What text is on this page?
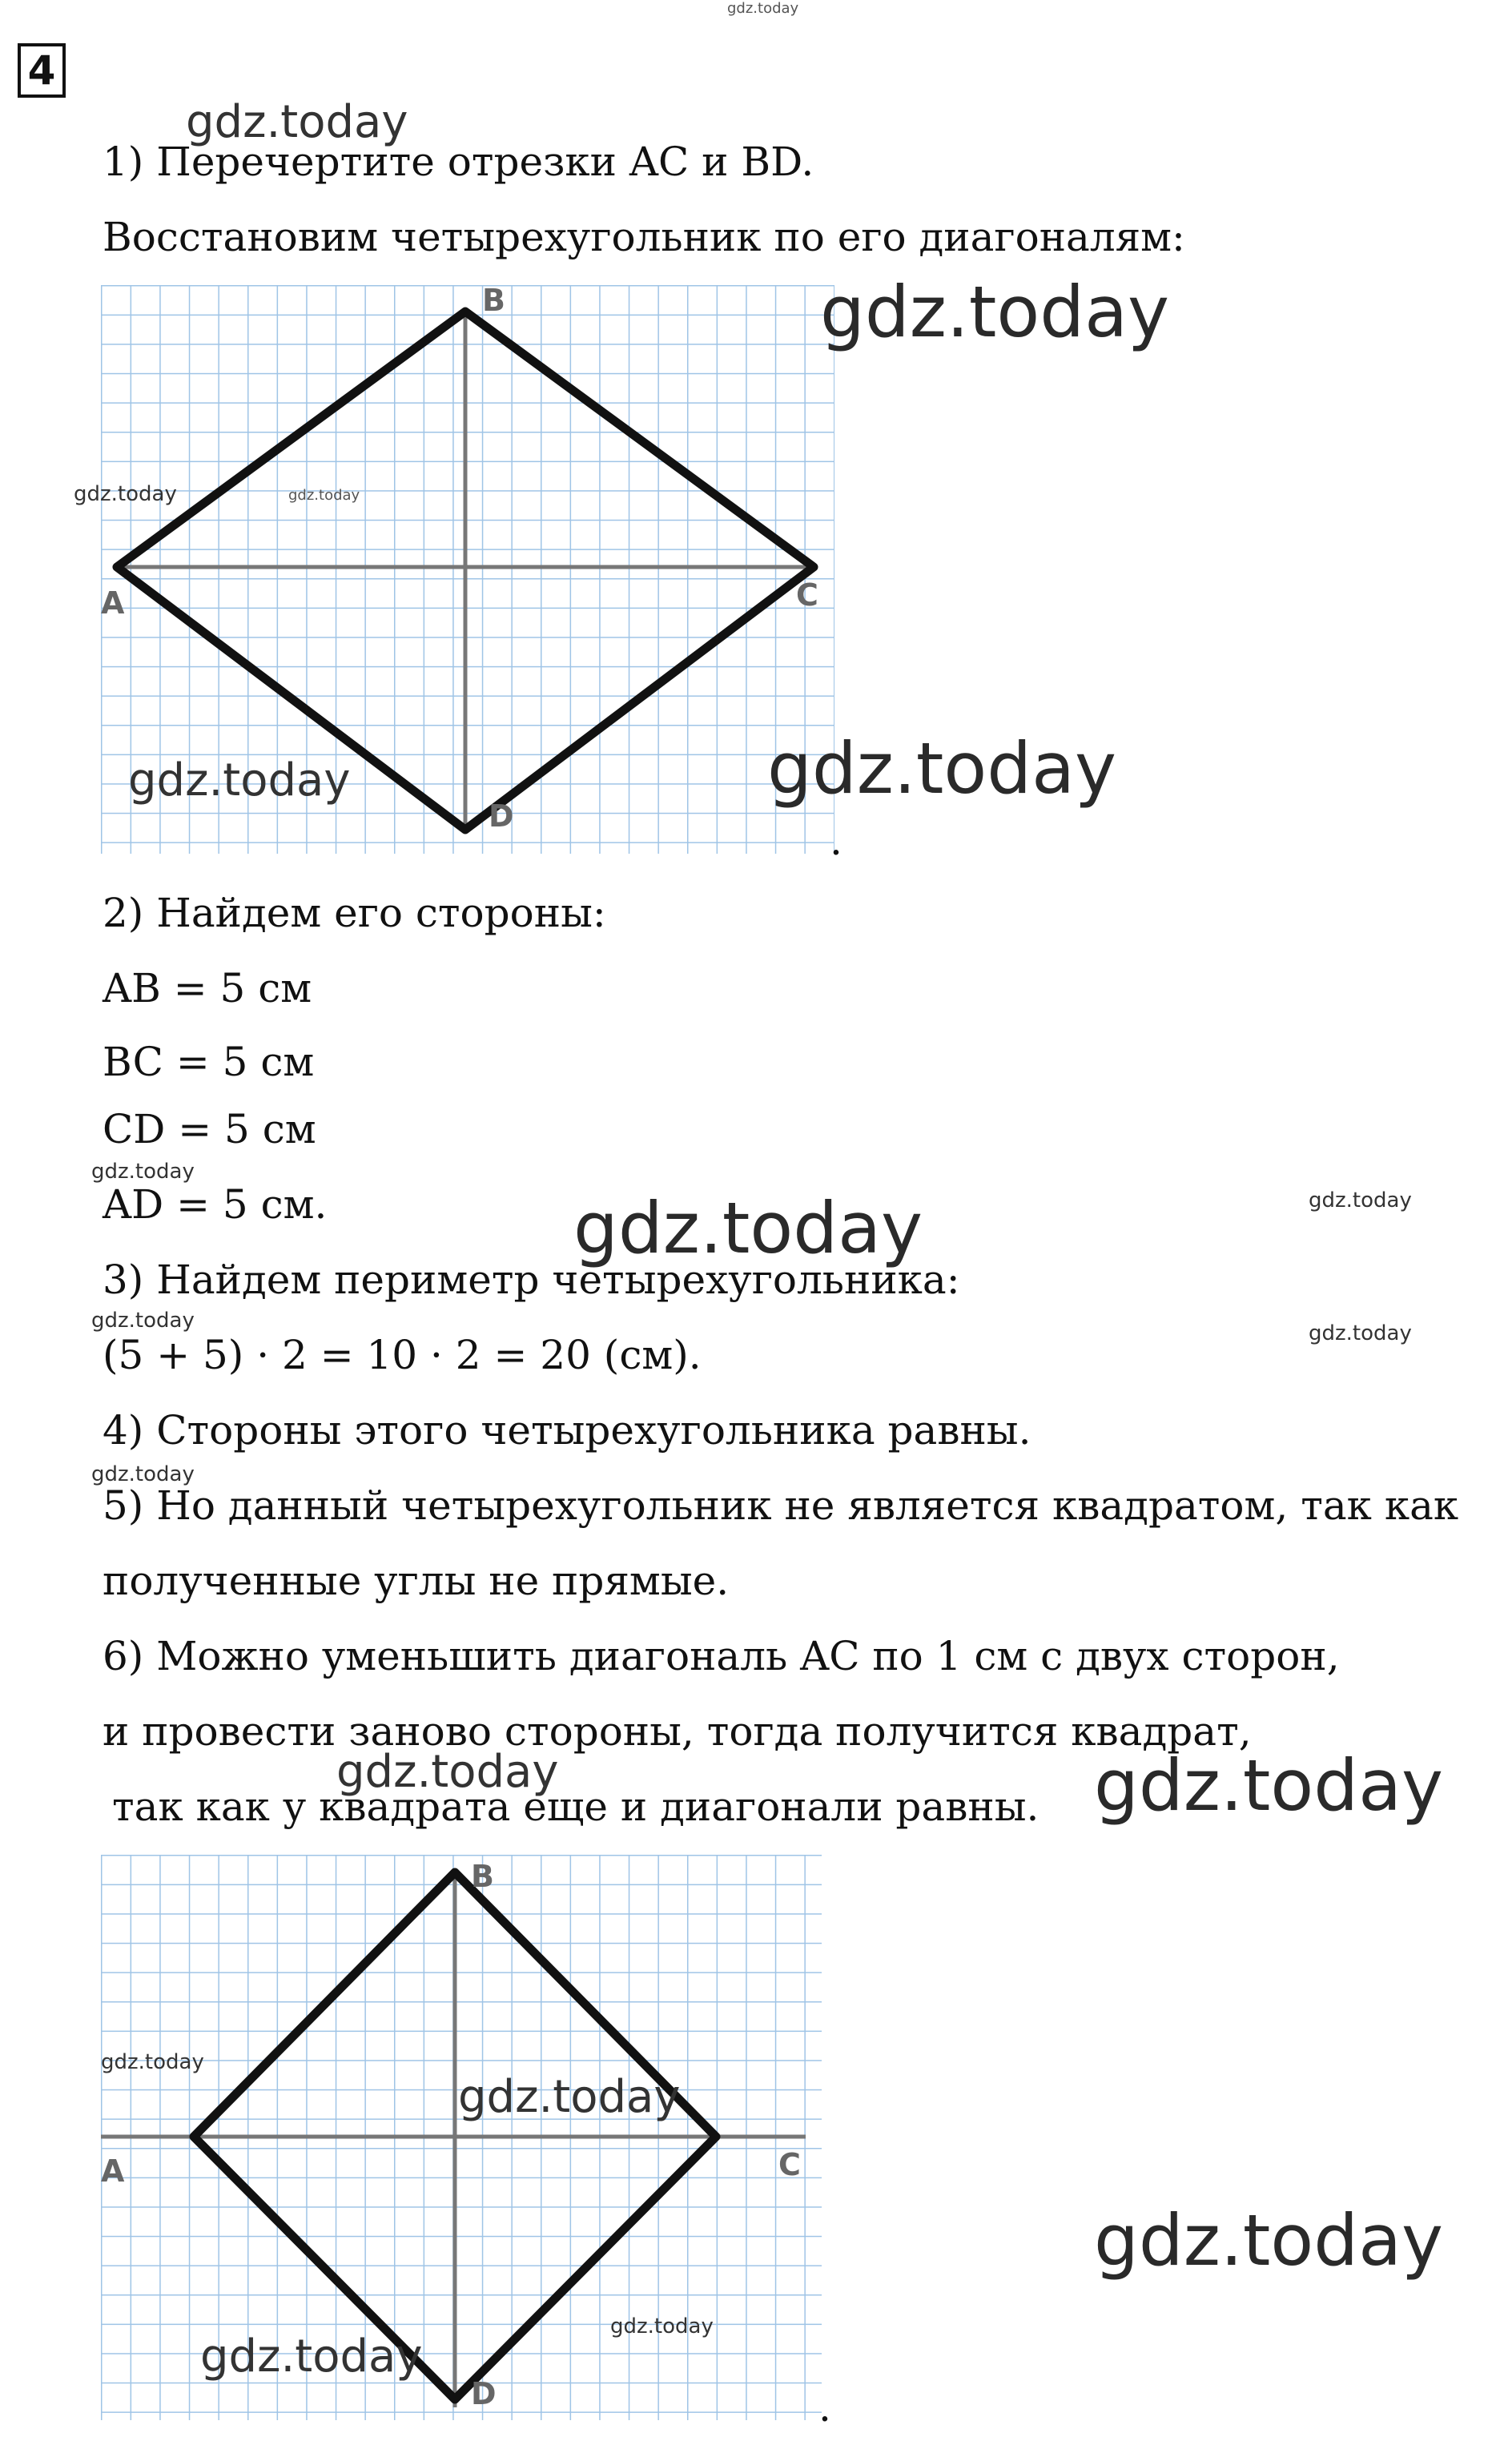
4
1) Перечертите отрезки AC и BD.
Восстановим четырехугольник по его диагоналям:
B
A	C
D
.
2) Найдем его стороны:
AB = 5 см
BC = 5 см
CD = 5 см
AD = 5 см.
3) Найдем периметр четырехугольника:
(5 + 5) · 2 = 10 · 2 = 20 (см).
4) Стороны этого четырехугольника равны.
5) Но данный четырехугольник не является квадратом, так как
полученные углы не прямые.
6) Можно уменьшить диагональ AC по 1 см с двух сторон,
и провести заново стороны, тогда получится квадрат,
так как у квадрата еще и диагонали равны.
B
A	C
D	.
gdz.today
gdz.today
gdz.today
gdz.today	gdz.today
gdz.today	gdz.today
gdz.today
gdz.today	gdz.today
gdz.today
gdz.today
gdz.today
gdz.today	gdz.today
gdz.today
gdz.today
gdz.today
gdz.today
gdz.today
